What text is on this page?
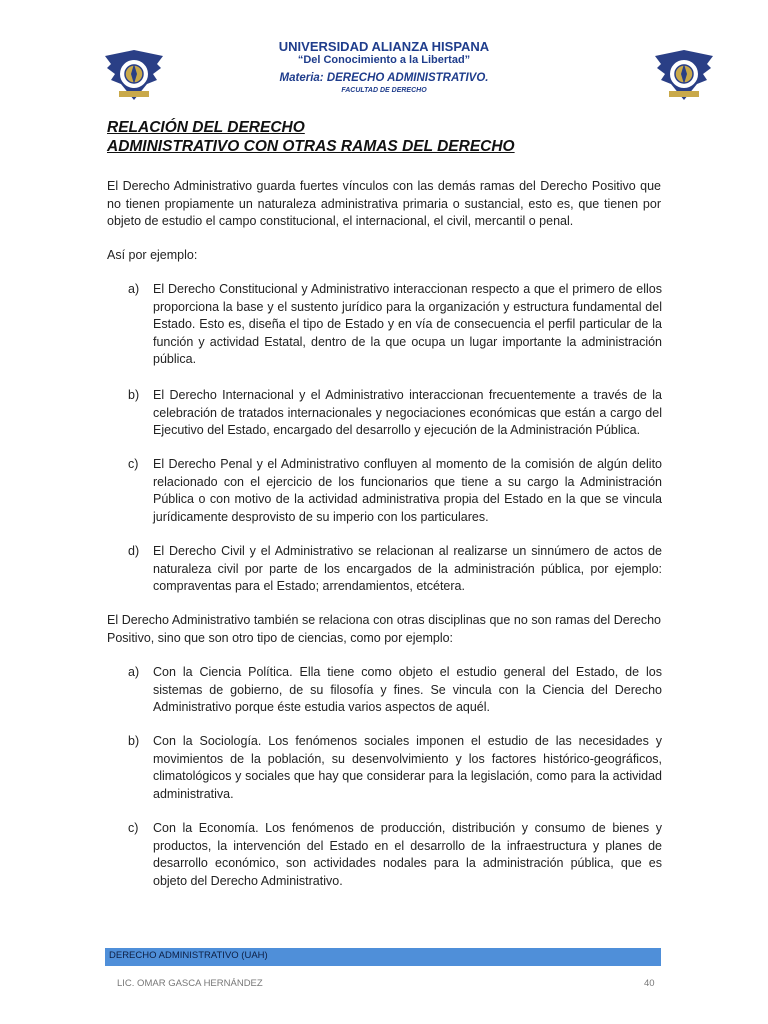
UNIVERSIDAD ALIANZA HISPANA
“Del Conocimiento a la Libertad”
Materia: DERECHO ADMINISTRATIVO.
FACULTAD DE DERECHO
RELACIÓN DEL DERECHO
ADMINISTRATIVO CON OTRAS RAMAS DEL DERECHO
El Derecho Administrativo guarda fuertes vínculos con las demás ramas del Derecho Positivo que no tienen propiamente un naturaleza administrativa primaria o sustancial, esto es, que tienen por objeto de estudio el campo constitucional, el internacional, el civil, mercantil o penal.
Así por ejemplo:
a) El Derecho Constitucional y Administrativo interaccionan respecto a que el primero de ellos proporciona la base y el sustento jurídico para la organización y estructura fundamental del Estado. Esto es, diseña el tipo de Estado y en vía de consecuencia el perfil particular de la función y actividad Estatal, dentro de la que ocupa un lugar importante la administración pública.
b) El Derecho Internacional y el Administrativo interaccionan frecuentemente a través de la celebración de tratados internacionales y negociaciones económicas que están a cargo del Ejecutivo del Estado, encargado del desarrollo y ejecución de la Administración Pública.
c) El Derecho Penal y el Administrativo confluyen al momento de la comisión de algún delito relacionado con el ejercicio de los funcionarios que tiene a su cargo la Administración Pública o con motivo de la actividad administrativa propia del Estado en la que se vincula jurídicamente desprovisto de su imperio con los particulares.
d) El Derecho Civil y el Administrativo se relacionan al realizarse un sinnúmero de actos de naturaleza civil por parte de los encargados de la administración pública, por ejemplo: compraventas para el Estado; arrendamientos, etcétera.
El Derecho Administrativo también se relaciona con otras disciplinas que no son ramas del Derecho Positivo, sino que son otro tipo de ciencias, como por ejemplo:
a) Con la Ciencia Política. Ella tiene como objeto el estudio general del Estado, de los sistemas de gobierno, de su filosofía y fines. Se vincula con la Ciencia del Derecho Administrativo porque éste estudia varios aspectos de aquél.
b) Con la Sociología. Los fenómenos sociales imponen el estudio de las necesidades y movimientos de la población, su desenvolvimiento y los factores histórico-geográficos, climatológicos y sociales que hay que considerar para la legislación, como para la actividad administrativa.
c) Con la Economía. Los fenómenos de producción, distribución y consumo de bienes y productos, la intervención del Estado en el desarrollo de la infraestructura y planes de desarrollo económico, son actividades nodales para la administración pública, que es objeto del Derecho Administrativo.
DERECHO ADMINISTRATIVO (UAH)
LIC. OMAR GASCA HERNÁNDEZ	40
